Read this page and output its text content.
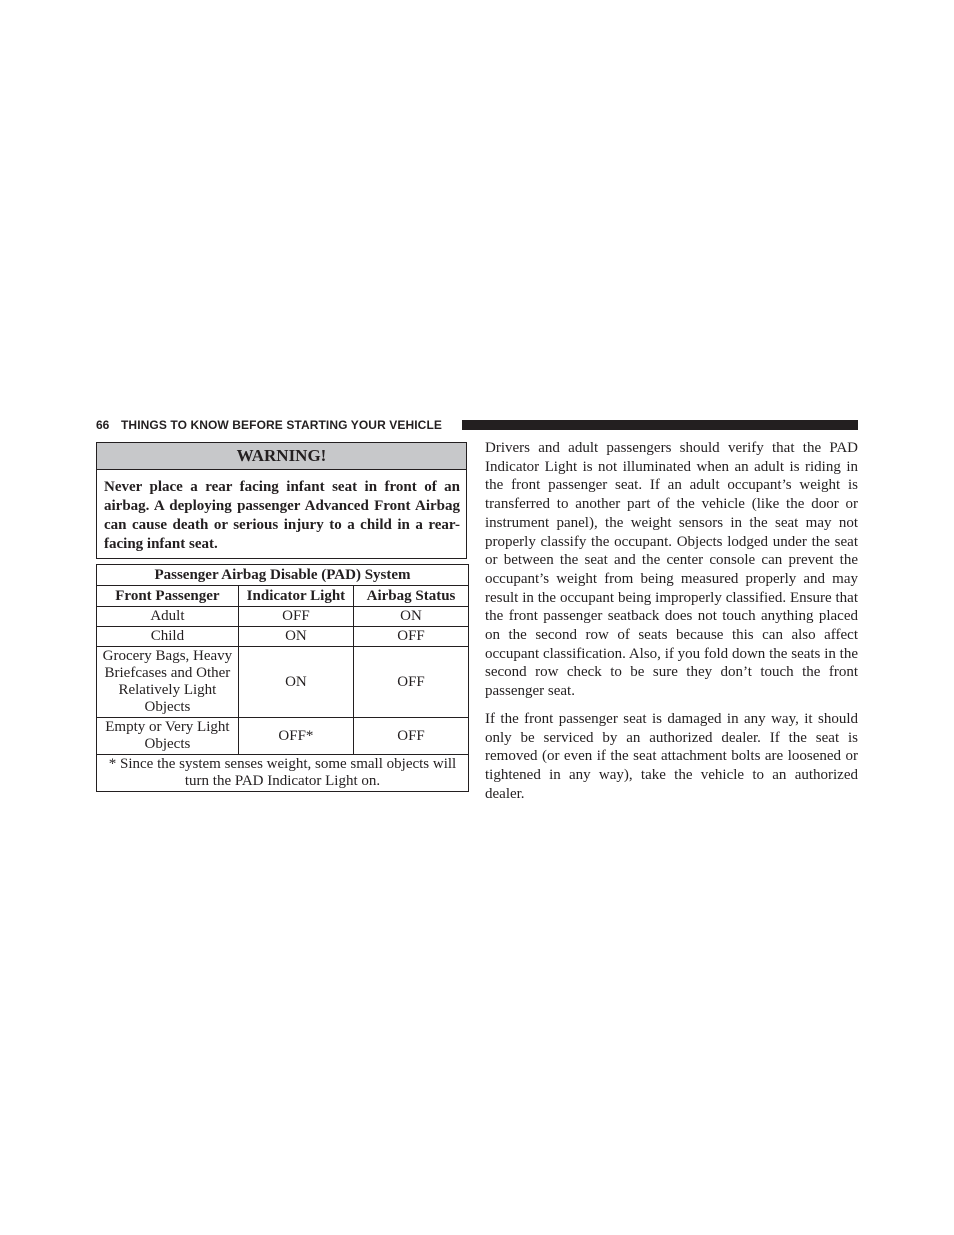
66 THINGS TO KNOW BEFORE STARTING YOUR VEHICLE
WARNING!
Never place a rear facing infant seat in front of an airbag. A deploying passenger Advanced Front Airbag can cause death or serious injury to a child in a rear-facing infant seat.
Passenger Airbag Disable (PAD) System		
Front Passenger	Indicator Light	Airbag Status
Adult	OFF	ON
Child	ON	OFF
Grocery Bags, Heavy Briefcases and Other Relatively Light Objects	ON	OFF
Empty or Very Light Objects	OFF*	OFF
* Since the system senses weight, some small objects will turn the PAD Indicator Light on.		

Drivers and adult passengers should verify that the PAD Indicator Light is not illuminated when an adult is riding in the front passenger seat. If an adult occupant’s weight is transferred to another part of the vehicle (like the door or instrument panel), the weight sensors in the seat may not properly classify the occupant. Objects lodged under the seat or between the seat and the center console can prevent the occupant’s weight from being measured properly and may result in the occupant being improperly classified. Ensure that the front passenger seatback does not touch anything placed on the second row of seats because this can also affect occupant classification. Also, if you fold down the seats in the second row check to be sure they don’t touch the front passenger seat.

If the front passenger seat is damaged in any way, it should only be serviced by an authorized dealer. If the seat is removed (or even if the seat attachment bolts are loosened or tightened in any way), take the vehicle to an authorized dealer.
